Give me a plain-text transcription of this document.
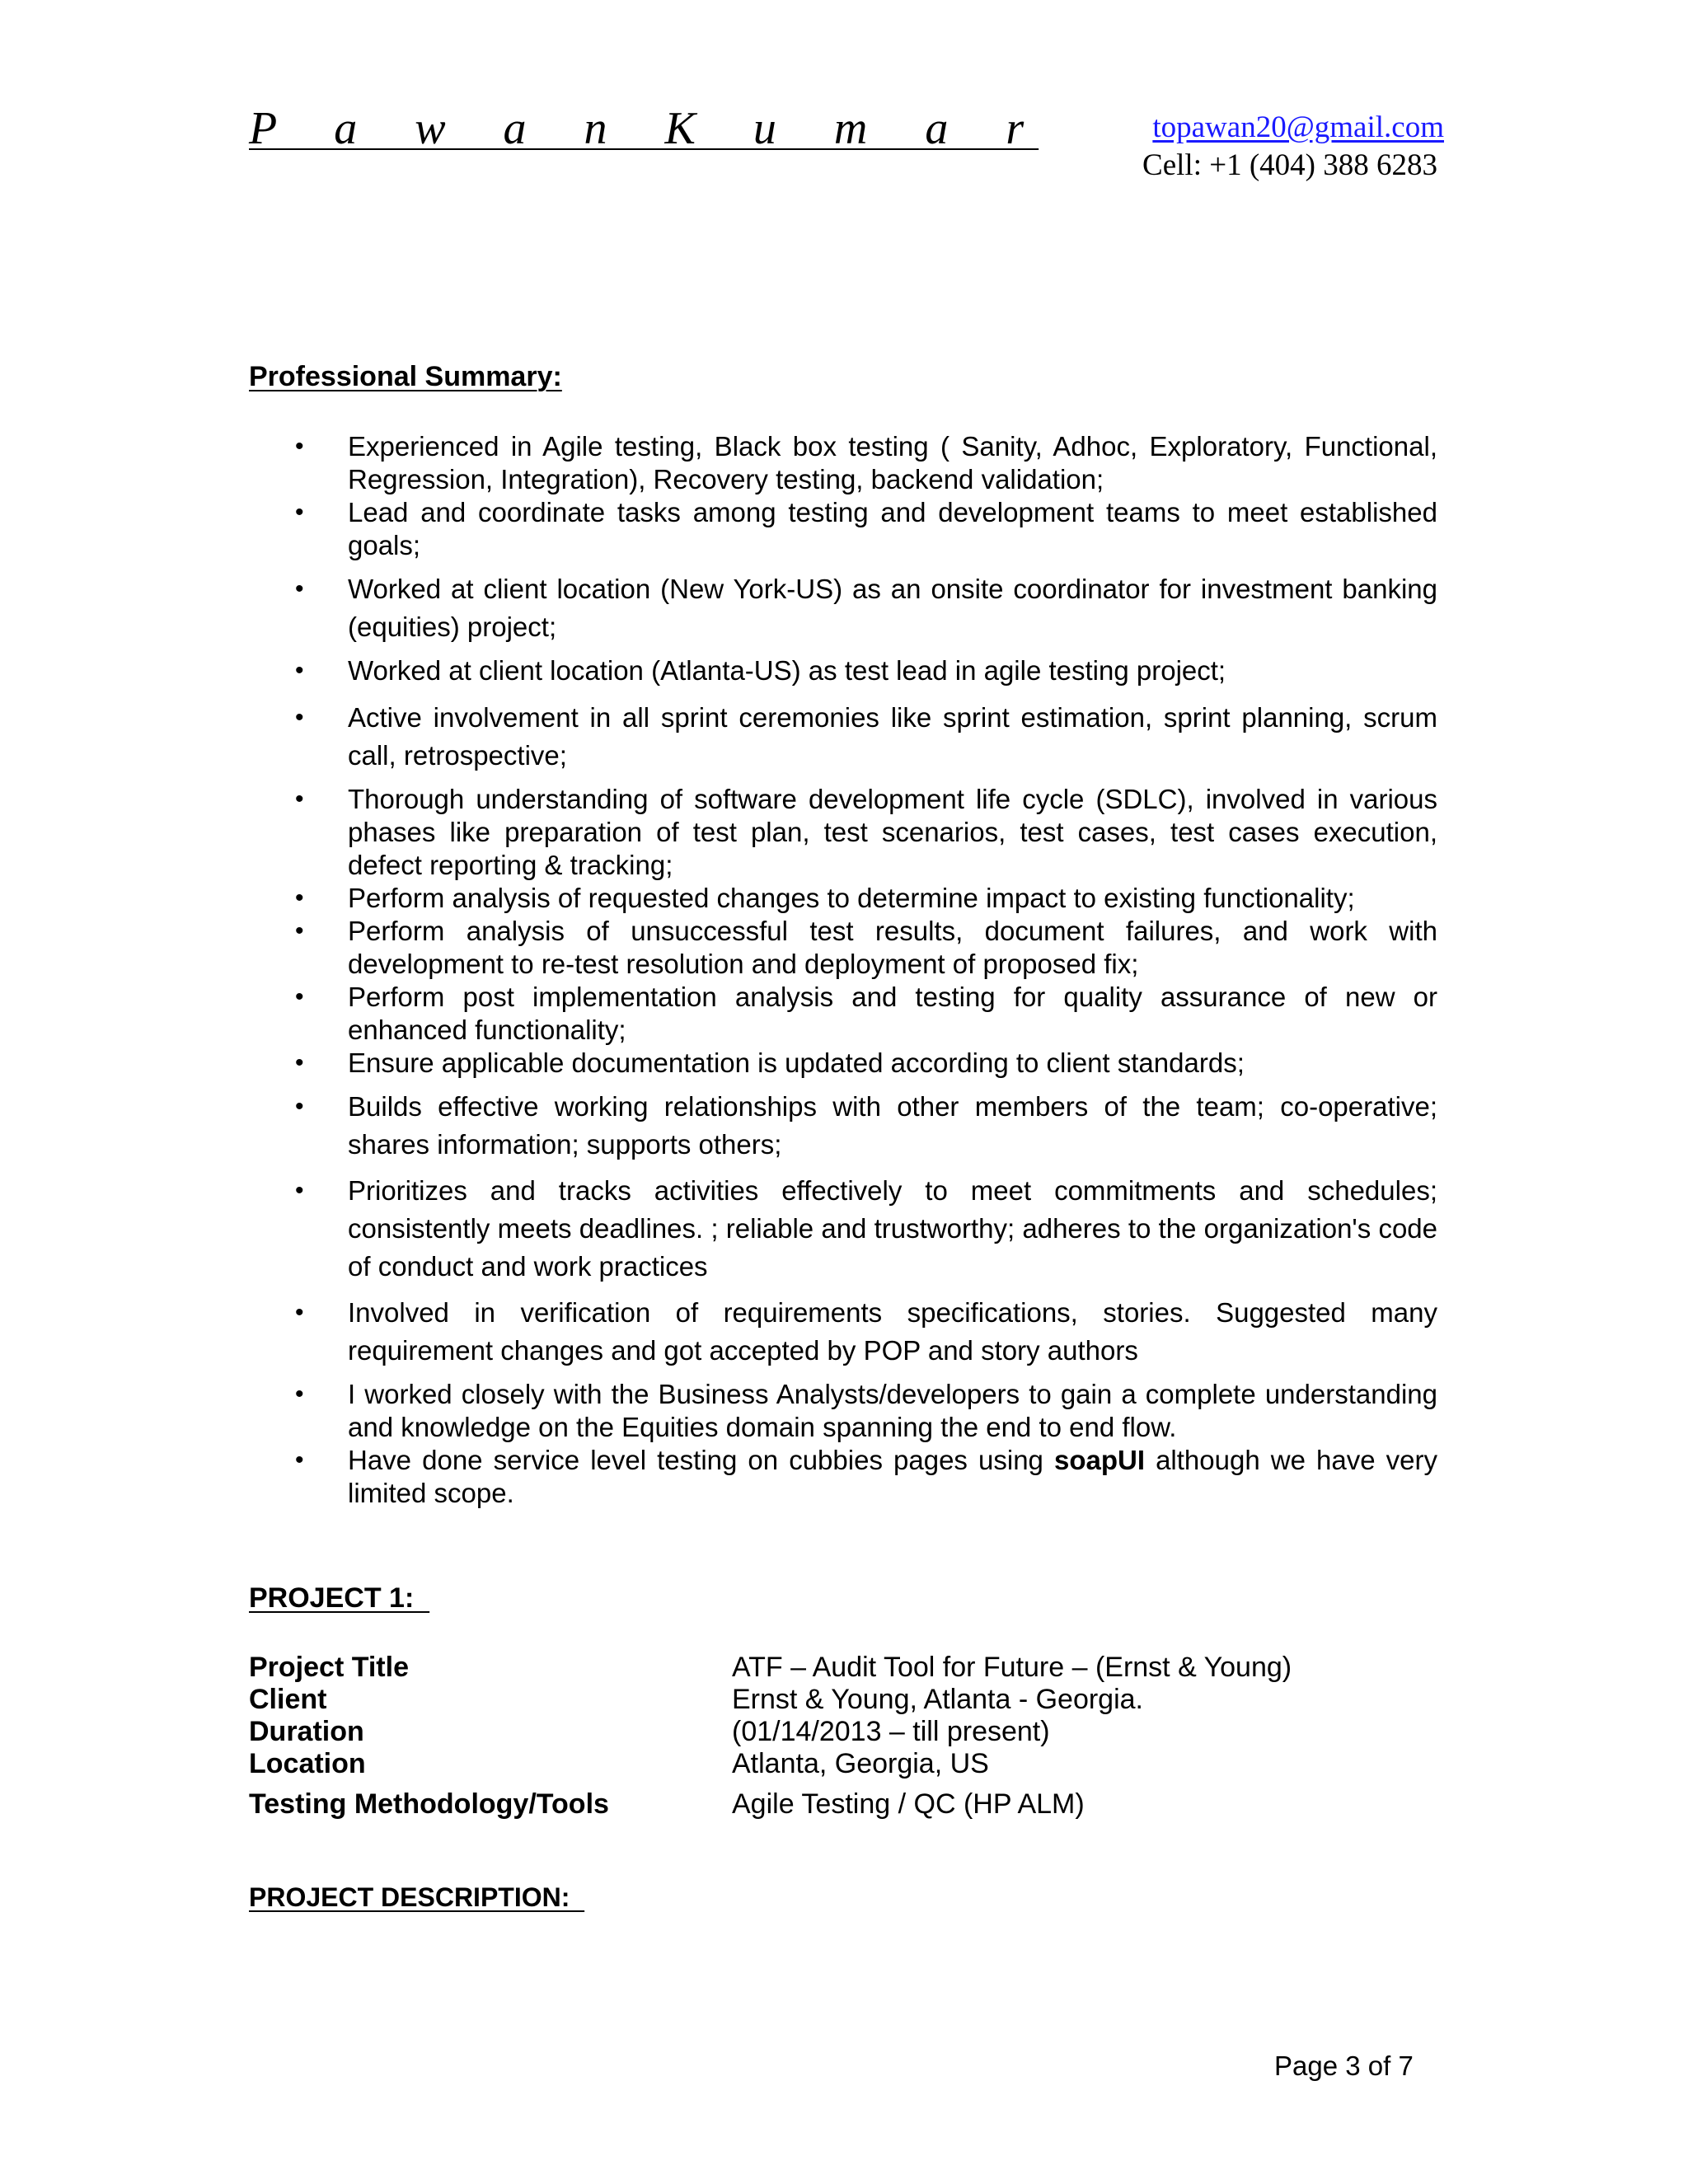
P a w a n K u m a r	topawan20@gmail.com
Cell: +1 (404) 388 6283
Professional Summary:
• Experienced in Agile testing, Black box testing ( Sanity, Adhoc, Exploratory, Functional, Regression, Integration), Recovery testing, backend validation;
• Lead and coordinate tasks among testing and development teams to meet established goals;
• Worked at client location (New York-US) as an onsite coordinator for investment banking (equities) project;
• Worked at client location (Atlanta-US) as test lead in agile testing project;
• Active involvement in all sprint ceremonies like sprint estimation, sprint planning, scrum call, retrospective;
• Thorough understanding of software development life cycle (SDLC), involved in various phases like preparation of test plan, test scenarios, test cases, test cases execution, defect reporting & tracking;
• Perform analysis of requested changes to determine impact to existing functionality;
• Perform analysis of unsuccessful test results, document failures, and work with development to re-test resolution and deployment of proposed fix;
• Perform post implementation analysis and testing for quality assurance of new or enhanced functionality;
• Ensure applicable documentation is updated according to client standards;
• Builds effective working relationships with other members of the team; co-operative; shares information; supports others;
• Prioritizes and tracks activities effectively to meet commitments and schedules; consistently meets deadlines. ; reliable and trustworthy; adheres to the organization's code of conduct and work practices
• Involved in verification of requirements specifications, stories. Suggested many requirement changes and got accepted by POP and story authors
• I worked closely with the Business Analysts/developers to gain a complete understanding and knowledge on the Equities domain spanning the end to end flow.
• Have done service level testing on cubbies pages using soapUI although we have very limited scope.
PROJECT 1:
Project Title	ATF – Audit Tool for Future – (Ernst & Young)
Client	Ernst & Young, Atlanta - Georgia.
Duration	(01/14/2013 – till present)
Location	Atlanta, Georgia, US
Testing Methodology/Tools	Agile Testing / QC (HP ALM)
PROJECT DESCRIPTION:
Page 3 of 7
